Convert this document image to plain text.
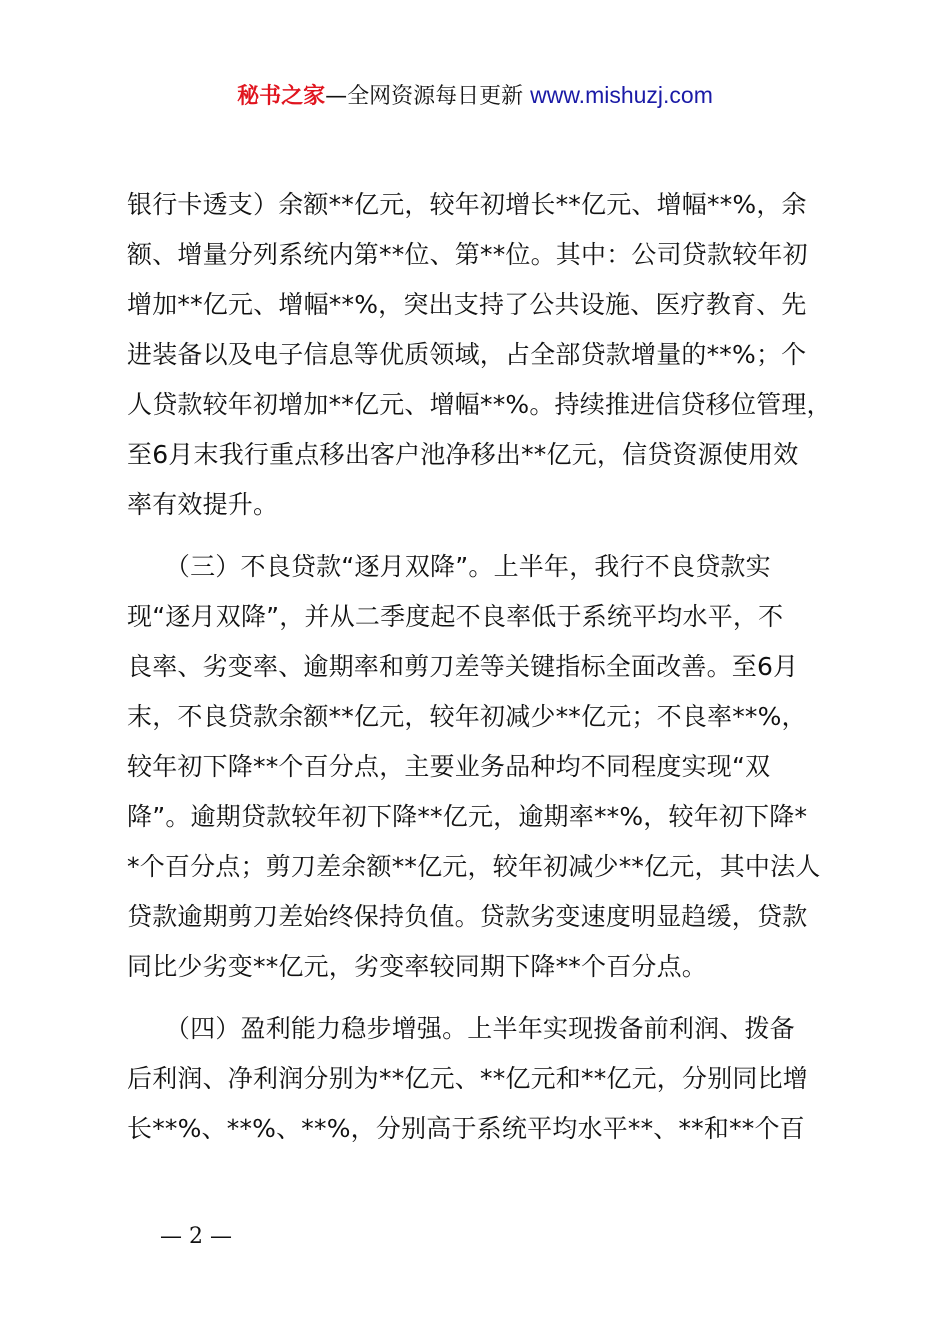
秘书之家—全网资源每日更新 www.mishuzj.com

银行卡透支）余额**亿元，较年初增长**亿元、增幅**%，余
额、增量分列系统内第**位、第**位。其中：公司贷款较年初
增加**亿元、增幅**%，突出支持了公共设施、医疗教育、先
进装备以及电子信息等优质领域，占全部贷款增量的**%；个
人贷款较年初增加**亿元、增幅**%。持续推进信贷移位管理，
至6月末我行重点移出客户池净移出**亿元，信贷资源使用效
率有效提升。

　　（三）不良贷款“逐月双降”。上半年，我行不良贷款实
现“逐月双降”，并从二季度起不良率低于系统平均水平，不
良率、劣变率、逾期率和剪刀差等关键指标全面改善。至6月
末，不良贷款余额**亿元，较年初减少**亿元；不良率**%，
较年初下降**个百分点，主要业务品种均不同程度实现“双
降”。逾期贷款较年初下降**亿元，逾期率**%，较年初下降*
*个百分点；剪刀差余额**亿元，较年初减少**亿元，其中法人
贷款逾期剪刀差始终保持负值。贷款劣变速度明显趋缓，贷款
同比少劣变**亿元，劣变率较同期下降**个百分点。

　　（四）盈利能力稳步增强。上半年实现拨备前利润、拨备
后利润、净利润分别为**亿元、**亿元和**亿元，分别同比增
长**%、**%、**%，分别高于系统平均水平**、**和**个百

— 2 —
